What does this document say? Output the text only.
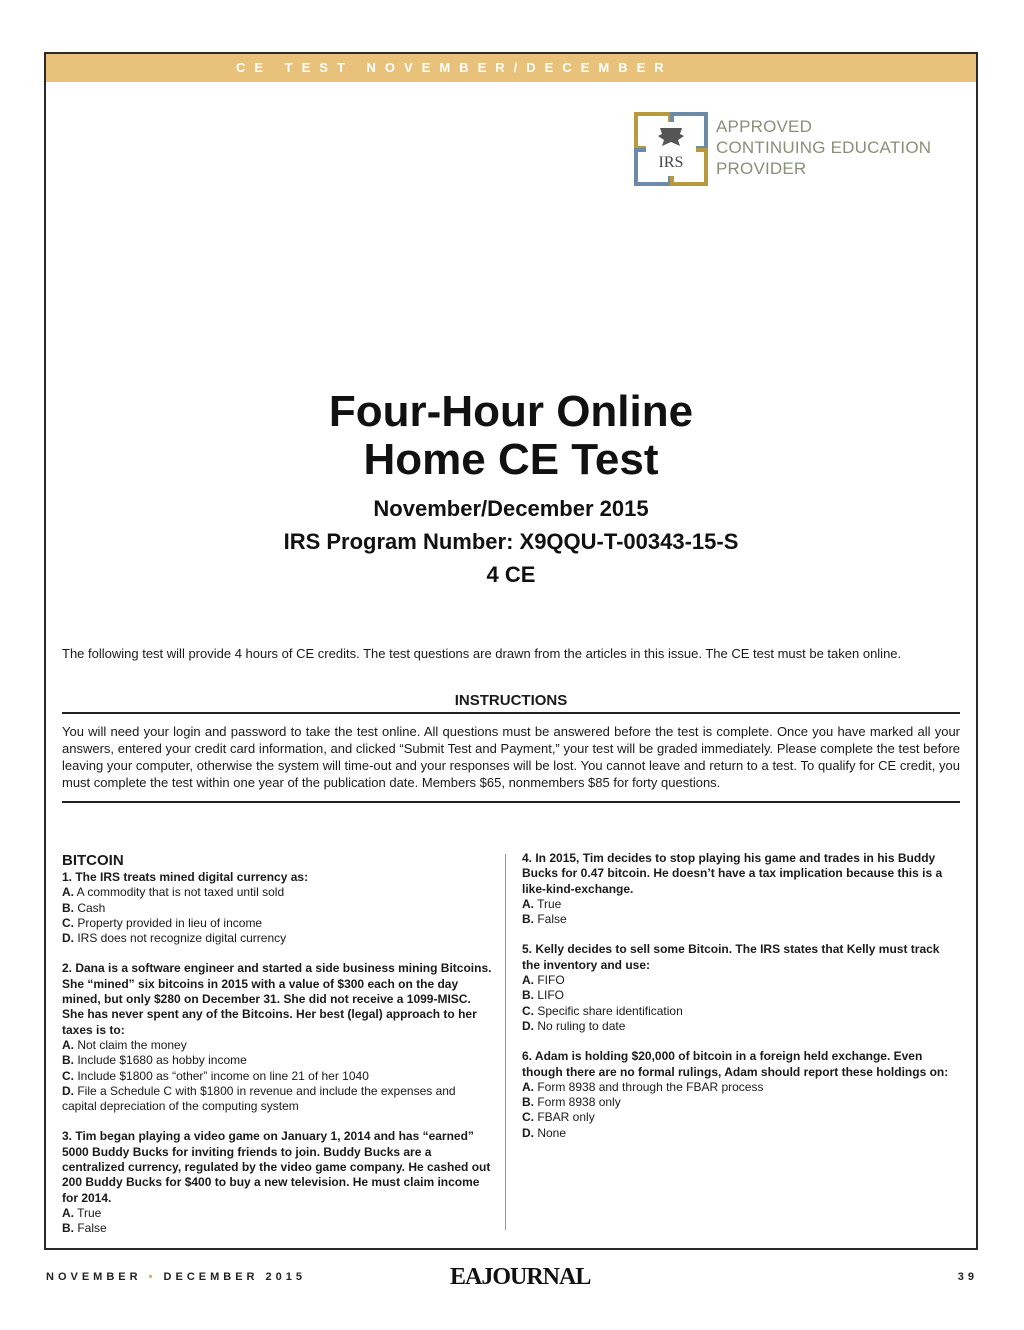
CE TEST NOVEMBER/DECEMBER
IRS
APPROVED
CONTINUING EDUCATION
PROVIDER
Four-Hour Online
Home CE Test
November/December 2015
IRS Program Number: X9QQU-T-00343-15-S
4 CE
The following test will provide 4 hours of CE credits. The test questions are drawn from the articles in this issue. The CE test must be taken online.
INSTRUCTIONS
You will need your login and password to take the test online. All questions must be answered before the test is complete. Once you have marked all your answers, entered your credit card information, and clicked “Submit Test and Payment,” your test will be graded immediately. Please complete the test before leaving your computer, otherwise the system will time-out and your responses will be lost. You cannot leave and return to a test. To qualify for CE credit, you must complete the test within one year of the publication date. Members $65, nonmembers $85 for forty questions.
BITCOIN
1. The IRS treats mined digital currency as:
A. A commodity that is not taxed until sold
B. Cash
C. Property provided in lieu of income
D. IRS does not recognize digital currency
2. Dana is a software engineer and started a side business mining Bitcoins. She “mined” six bitcoins in 2015 with a value of $300 each on the day mined, but only $280 on December 31. She did not receive a 1099-MISC. She has never spent any of the Bitcoins. Her best (legal) approach to her taxes is to:
A. Not claim the money
B. Include $1680 as hobby income
C. Include $1800 as “other” income on line 21 of her 1040
D. File a Schedule C with $1800 in revenue and include the expenses and capital depreciation of the computing system
3. Tim began playing a video game on January 1, 2014 and has “earned” 5000 Buddy Bucks for inviting friends to join. Buddy Bucks are a centralized currency, regulated by the video game company. He cashed out 200 Buddy Bucks for $400 to buy a new television. He must claim income for 2014.
A. True
B. False
4. In 2015, Tim decides to stop playing his game and trades in his Buddy Bucks for 0.47 bitcoin. He doesn’t have a tax implication because this is a like-kind-exchange.
A. True
B. False
5. Kelly decides to sell some Bitcoin. The IRS states that Kelly must track the inventory and use:
A. FIFO
B. LIFO
C. Specific share identification
D. No ruling to date
6. Adam is holding $20,000 of bitcoin in a foreign held exchange. Even though there are no formal rulings, Adam should report these holdings on:
A. Form 8938 and through the FBAR process
B. Form 8938 only
C. FBAR only
D. None
NOVEMBER • DECEMBER 2015	EAJOURNAL	39
